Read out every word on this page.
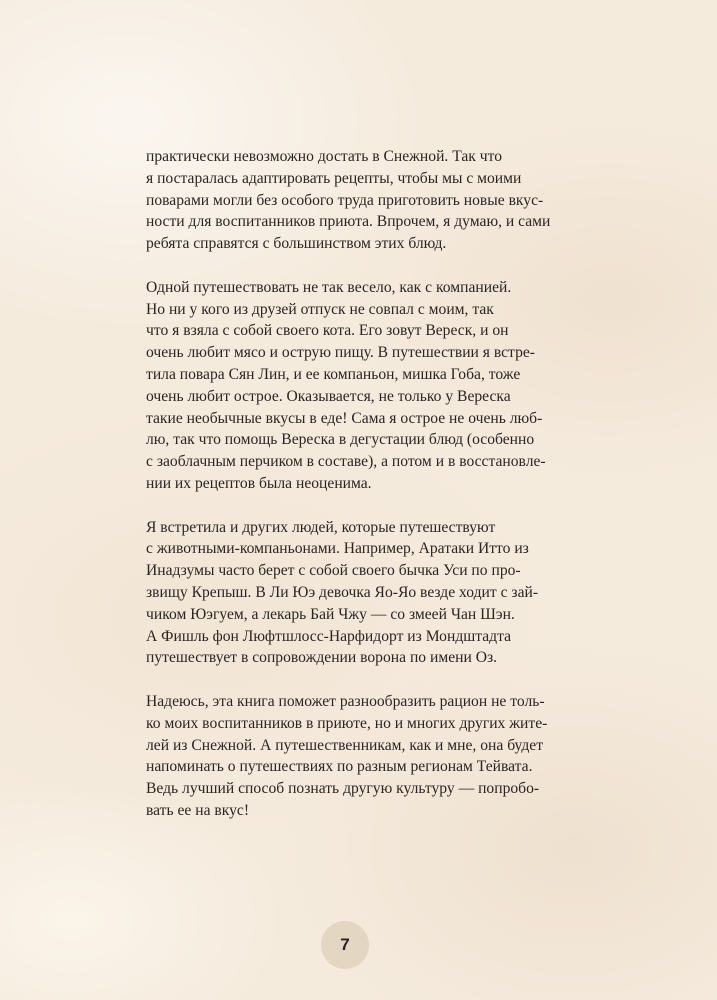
практически невозможно достать в Снежной. Так что
я постаралась адаптировать рецепты, чтобы мы с моими
поварами могли без особого труда приготовить новые вкус-
ности для воспитанников приюта. Впрочем, я думаю, и сами
ребята справятся с большинством этих блюд.

Одной путешествовать не так весело, как с компанией.
Но ни у кого из друзей отпуск не совпал с моим, так
что я взяла с собой своего кота. Его зовут Вереск, и он
очень любит мясо и острую пищу. В путешествии я встре-
тила повара Сян Лин, и ее компаньон, мишка Гоба, тоже
очень любит острое. Оказывается, не только у Вереска
такие необычные вкусы в еде! Сама я острое не очень люб-
лю, так что помощь Вереска в дегустации блюд (особенно
с заоблачным перчиком в составе), а потом и в восстановле-
нии их рецептов была неоценима.

Я встретила и других людей, которые путешествуют
с животными-компаньонами. Например, Аратаки Итто из
Инадзумы часто берет с собой своего бычка Уси по про-
звищу Крепыш. В Ли Юэ девочка Яо-Яо везде ходит с зай-
чиком Юэгуем, а лекарь Бай Чжу — со змеей Чан Шэн.
А Фишль фон Люфтшлосс-Нарфидорт из Мондштадта
путешествует в сопровождении ворона по имени Оз.

Надеюсь, эта книга поможет разнообразить рацион не толь-
ко моих воспитанников в приюте, но и многих других жите-
лей из Снежной. А путешественникам, как и мне, она будет
напоминать о путешествиях по разным регионам Тейвата.
Ведь лучший способ познать другую культуру — попробо-
вать ее на вкус!

7
